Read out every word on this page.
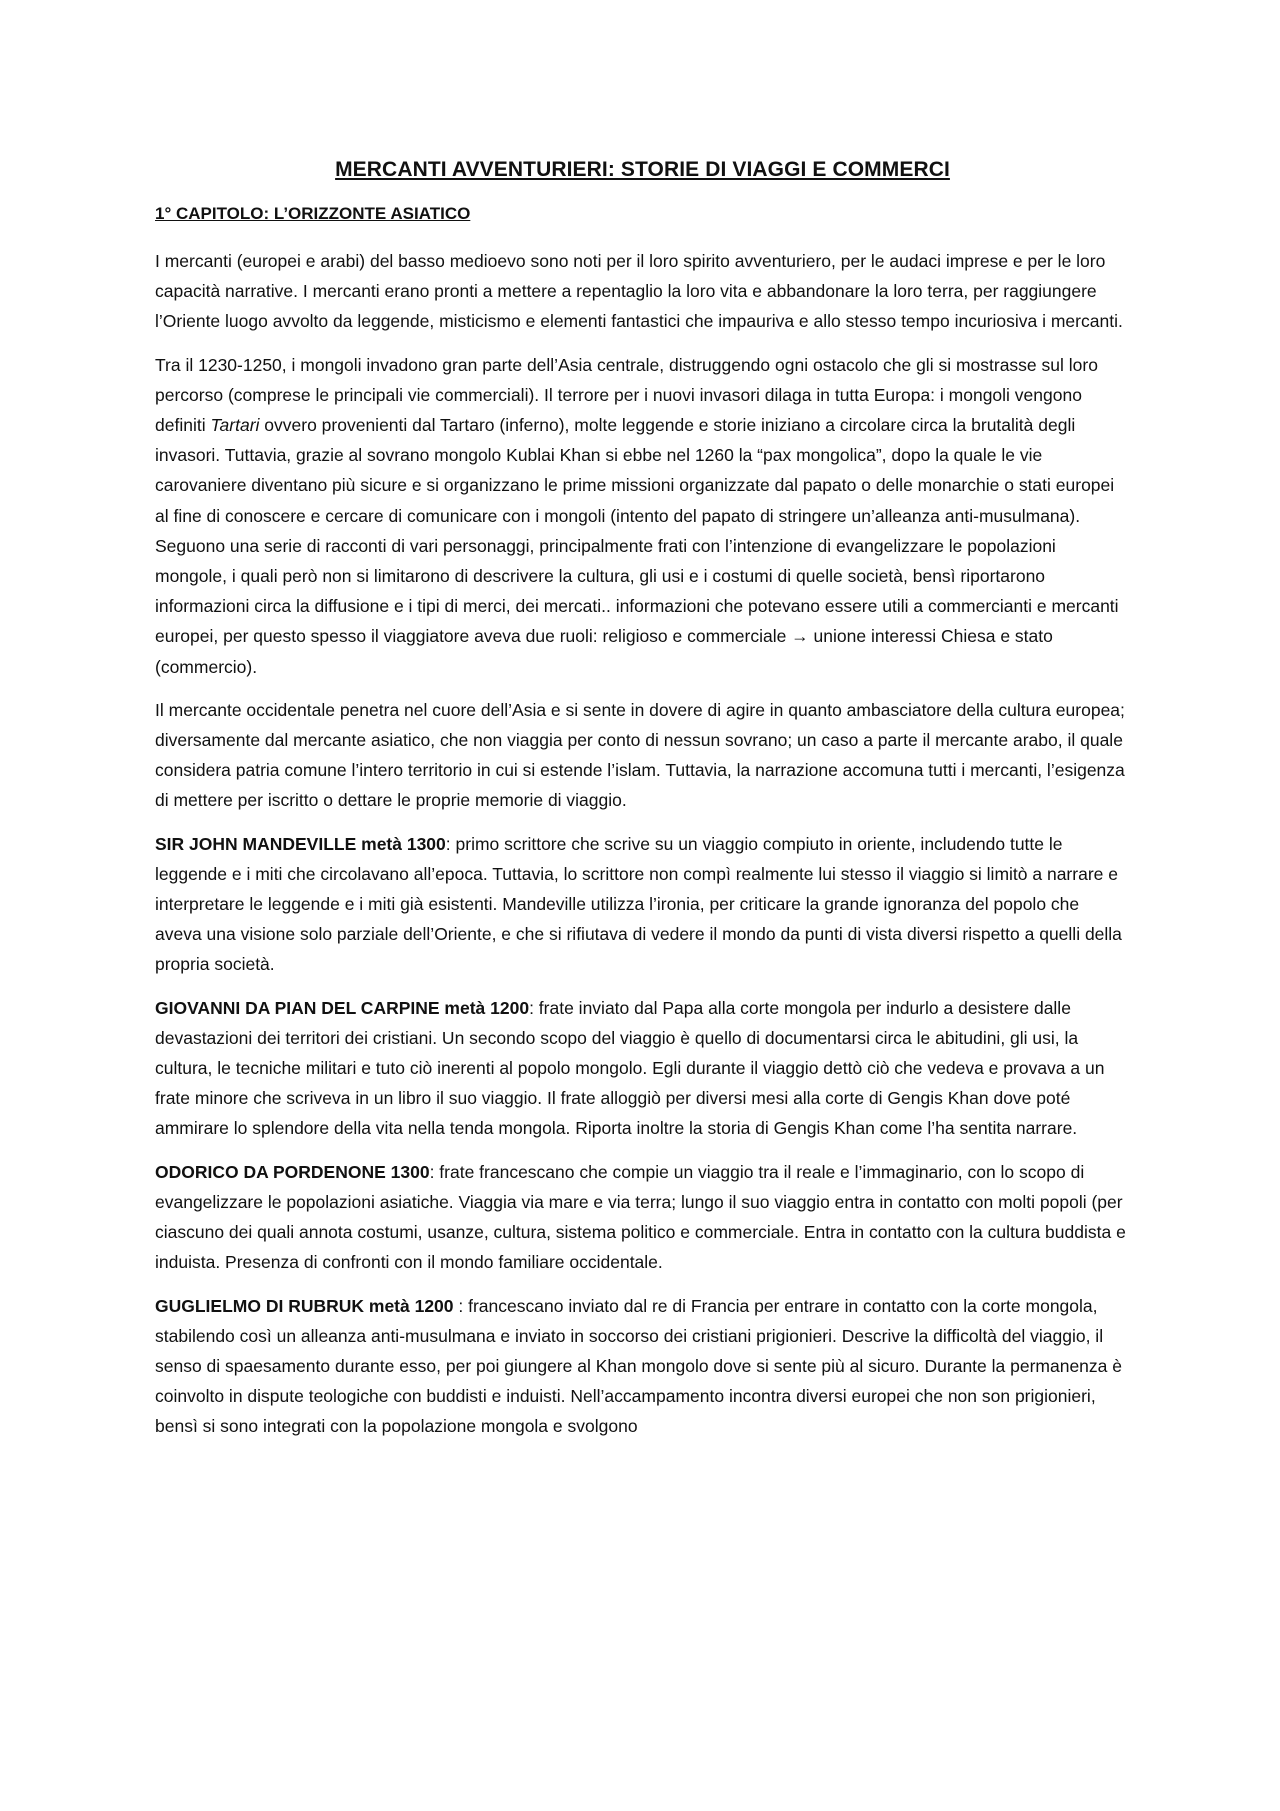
MERCANTI AVVENTURIERI: STORIE DI VIAGGI E COMMERCI
1° CAPITOLO: L’ORIZZONTE ASIATICO

I mercanti (europei e arabi) del basso medioevo sono noti per il loro spirito avventuriero, per le audaci imprese e per le loro capacità narrative. I mercanti erano pronti a mettere a repentaglio la loro vita e abbandonare la loro terra, per raggiungere l’Oriente luogo avvolto da leggende, misticismo e elementi fantastici che impauriva e allo stesso tempo incuriosiva i mercanti.

Tra il 1230-1250, i mongoli invadono gran parte dell’Asia centrale, distruggendo ogni ostacolo che gli si mostrasse sul loro percorso (comprese le principali vie commerciali). Il terrore per i nuovi invasori dilaga in tutta Europa: i mongoli vengono definiti Tartari ovvero provenienti dal Tartaro (inferno), molte leggende e storie iniziano a circolare circa la brutalità degli invasori. Tuttavia, grazie al sovrano mongolo Kublai Khan si ebbe nel 1260 la “pax mongolica”, dopo la quale le vie carovaniere diventano più sicure e si organizzano le prime missioni organizzate dal papato o delle monarchie o stati europei al fine di conoscere e cercare di comunicare con i mongoli (intento del papato di stringere un’alleanza anti-musulmana). Seguono una serie di racconti di vari personaggi, principalmente frati con l’intenzione di evangelizzare le popolazioni mongole, i quali però non si limitarono di descrivere la cultura, gli usi e i costumi di quelle società, bensì riportarono informazioni circa la diffusione e i tipi di merci, dei mercati.. informazioni che potevano essere utili a commercianti e mercanti europei, per questo spesso il viaggiatore aveva due ruoli: religioso e commerciale → unione interessi Chiesa e stato (commercio).

Il mercante occidentale penetra nel cuore dell’Asia e si sente in dovere di agire in quanto ambasciatore della cultura europea; diversamente dal mercante asiatico, che non viaggia per conto di nessun sovrano; un caso a parte il mercante arabo, il quale considera patria comune l’intero territorio in cui si estende l’islam. Tuttavia, la narrazione accomuna tutti i mercanti, l’esigenza di mettere per iscritto o dettare le proprie memorie di viaggio.

SIR JOHN MANDEVILLE metà 1300: primo scrittore che scrive su un viaggio compiuto in oriente, includendo tutte le leggende e i miti che circolavano all’epoca. Tuttavia, lo scrittore non compì realmente lui stesso il viaggio si limitò a narrare e interpretare le leggende e i miti già esistenti. Mandeville utilizza l’ironia, per criticare la grande ignoranza del popolo che aveva una visione solo parziale dell’Oriente, e che si rifiutava di vedere il mondo da punti di vista diversi rispetto a quelli della propria società.

GIOVANNI DA PIAN DEL CARPINE metà 1200: frate inviato dal Papa alla corte mongola per indurlo a desistere dalle devastazioni dei territori dei cristiani. Un secondo scopo del viaggio è quello di documentarsi circa le abitudini, gli usi, la cultura, le tecniche militari e tuto ciò inerenti al popolo mongolo. Egli durante il viaggio dettò ciò che vedeva e provava a un frate minore che scriveva in un libro il suo viaggio. Il frate alloggiò per diversi mesi alla corte di Gengis Khan dove poté ammirare lo splendore della vita nella tenda mongola. Riporta inoltre la storia di Gengis Khan come l’ha sentita narrare.

ODORICO DA PORDENONE 1300: frate francescano che compie un viaggio tra il reale e l’immaginario, con lo scopo di evangelizzare le popolazioni asiatiche. Viaggia via mare e via terra; lungo il suo viaggio entra in contatto con molti popoli (per ciascuno dei quali annota costumi, usanze, cultura, sistema politico e commerciale. Entra in contatto con la cultura buddista e induista. Presenza di confronti con il mondo familiare occidentale.

GUGLIELMO DI RUBRUK metà 1200 : francescano inviato dal re di Francia per entrare in contatto con la corte mongola, stabilendo così un alleanza anti-musulmana e inviato in soccorso dei cristiani prigionieri. Descrive la difficoltà del viaggio, il senso di spaesamento durante esso, per poi giungere al Khan mongolo dove si sente più al sicuro. Durante la permanenza è coinvolto in dispute teologiche con buddisti e induisti. Nell’accampamento incontra diversi europei che non son prigionieri, bensì si sono integrati con la popolazione mongola e svolgono
